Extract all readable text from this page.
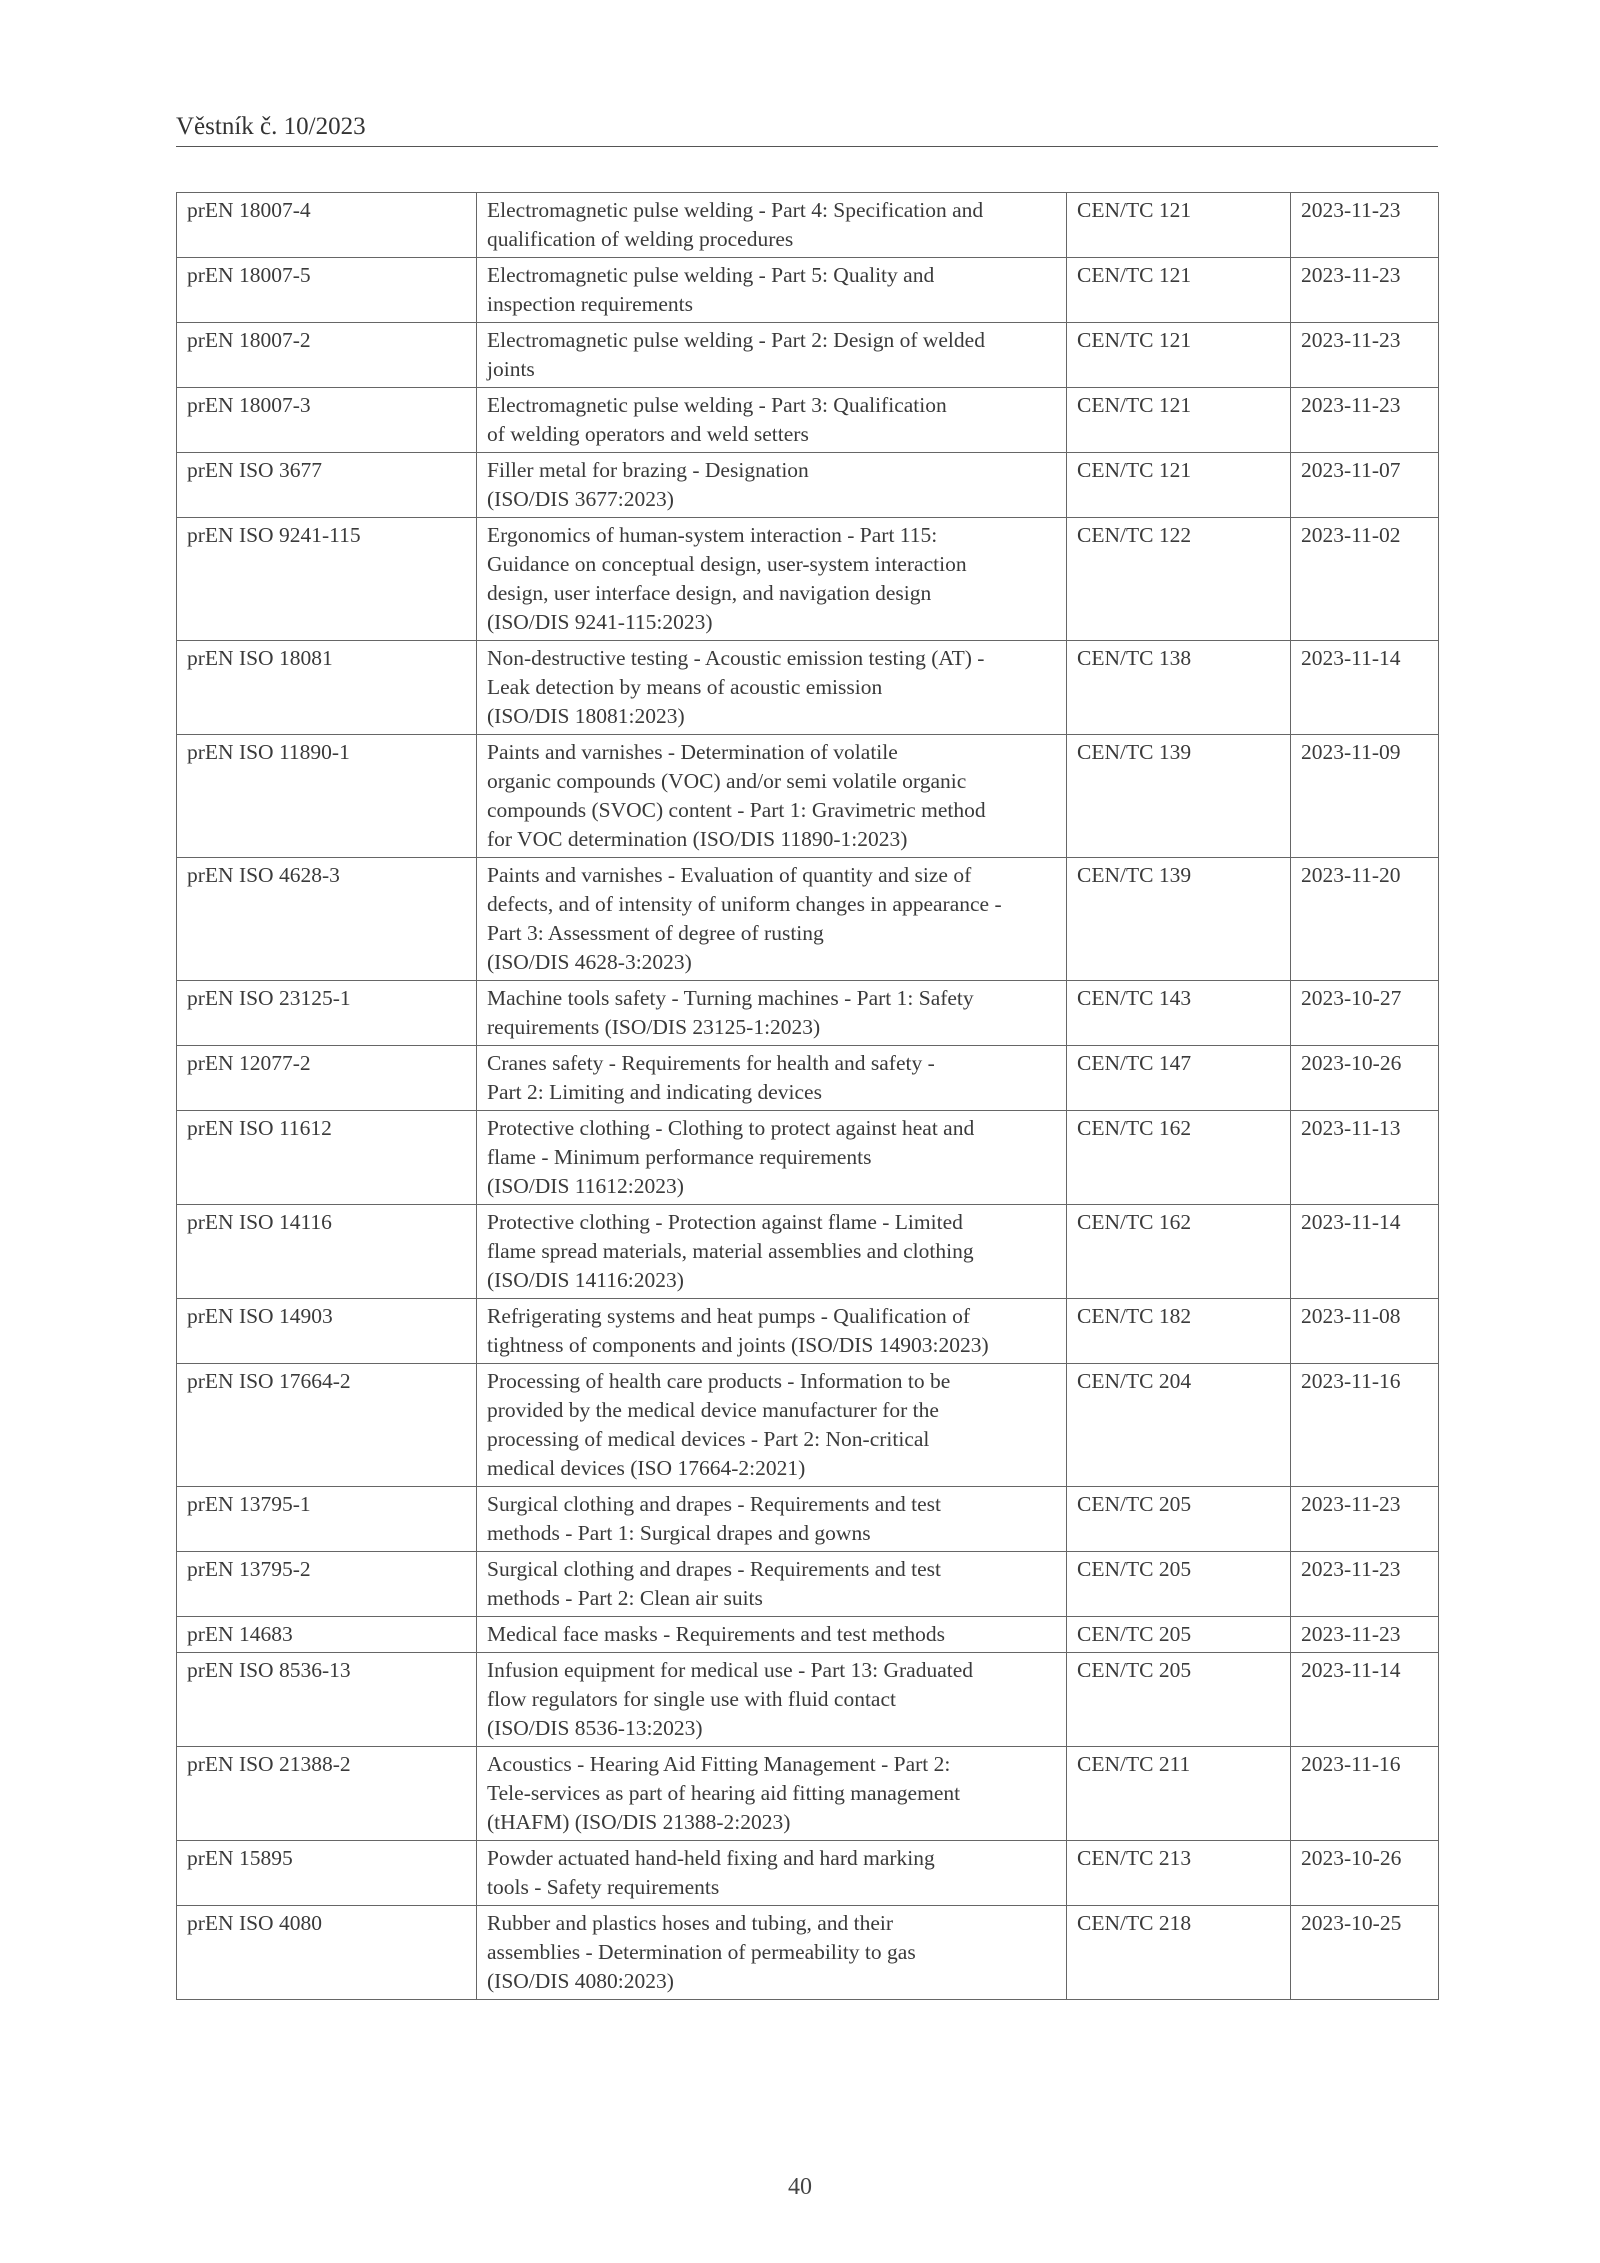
Věstník č. 10/2023
prEN 18007-4	Electromagnetic pulse welding - Part 4: Specification and
qualification of welding procedures	CEN/TC 121	2023-11-23
prEN 18007-5	Electromagnetic pulse welding - Part 5: Quality and
inspection requirements	CEN/TC 121	2023-11-23
prEN 18007-2	Electromagnetic pulse welding - Part 2: Design of welded
joints	CEN/TC 121	2023-11-23
prEN 18007-3	Electromagnetic pulse welding - Part 3: Qualification
of welding operators and weld setters	CEN/TC 121	2023-11-23
prEN ISO 3677	Filler metal for brazing - Designation
(ISO/DIS 3677:2023)	CEN/TC 121	2023-11-07
prEN ISO 9241-115	Ergonomics of human-system interaction - Part 115:
Guidance on conceptual design, user-system interaction
design, user interface design, and navigation design
(ISO/DIS 9241-115:2023)	CEN/TC 122	2023-11-02
prEN ISO 18081	Non-destructive testing - Acoustic emission testing (AT) -
Leak detection by means of acoustic emission
(ISO/DIS 18081:2023)	CEN/TC 138	2023-11-14
prEN ISO 11890-1	Paints and varnishes - Determination of volatile
organic compounds (VOC) and/or semi volatile organic
compounds (SVOC) content - Part 1: Gravimetric method
for VOC determination (ISO/DIS 11890-1:2023)	CEN/TC 139	2023-11-09
prEN ISO 4628-3	Paints and varnishes - Evaluation of quantity and size of
defects, and of intensity of uniform changes in appearance -
Part 3: Assessment of degree of rusting
(ISO/DIS 4628-3:2023)	CEN/TC 139	2023-11-20
prEN ISO 23125-1	Machine tools safety - Turning machines - Part 1: Safety
requirements (ISO/DIS 23125-1:2023)	CEN/TC 143	2023-10-27
prEN 12077-2	Cranes safety - Requirements for health and safety -
Part 2: Limiting and indicating devices	CEN/TC 147	2023-10-26
prEN ISO 11612	Protective clothing - Clothing to protect against heat and
flame - Minimum performance requirements
(ISO/DIS 11612:2023)	CEN/TC 162	2023-11-13
prEN ISO 14116	Protective clothing - Protection against flame - Limited
flame spread materials, material assemblies and clothing
(ISO/DIS 14116:2023)	CEN/TC 162	2023-11-14
prEN ISO 14903	Refrigerating systems and heat pumps - Qualification of
tightness of components and joints (ISO/DIS 14903:2023)	CEN/TC 182	2023-11-08
prEN ISO 17664-2	Processing of health care products - Information to be
provided by the medical device manufacturer for the
processing of medical devices - Part 2: Non-critical
medical devices (ISO 17664-2:2021)	CEN/TC 204	2023-11-16
prEN 13795-1	Surgical clothing and drapes - Requirements and test
methods - Part 1: Surgical drapes and gowns	CEN/TC 205	2023-11-23
prEN 13795-2	Surgical clothing and drapes - Requirements and test
methods - Part 2: Clean air suits	CEN/TC 205	2023-11-23
prEN 14683	Medical face masks - Requirements and test methods	CEN/TC 205	2023-11-23
prEN ISO 8536-13	Infusion equipment for medical use - Part 13: Graduated
flow regulators for single use with fluid contact
(ISO/DIS 8536-13:2023)	CEN/TC 205	2023-11-14
prEN ISO 21388-2	Acoustics - Hearing Aid Fitting Management - Part 2:
Tele-services as part of hearing aid fitting management
(tHAFM) (ISO/DIS 21388-2:2023)	CEN/TC 211	2023-11-16
prEN 15895	Powder actuated hand-held fixing and hard marking
tools - Safety requirements	CEN/TC 213	2023-10-26
prEN ISO 4080	Rubber and plastics hoses and tubing, and their
assemblies - Determination of permeability to gas
(ISO/DIS 4080:2023)	CEN/TC 218	2023-10-25
40
